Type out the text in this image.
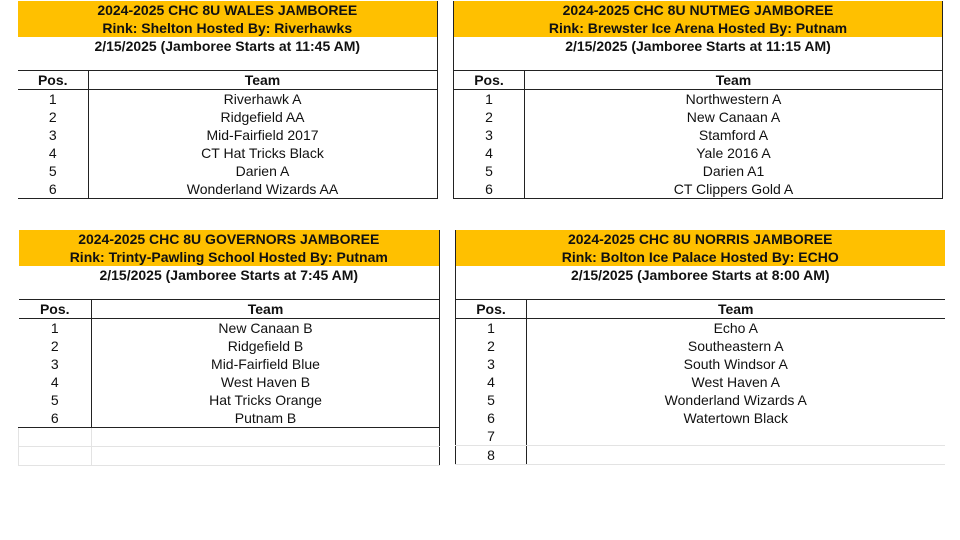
2024-2025 CHC 8U WALES JAMBOREE	
Rink: Shelton Hosted By: Riverhawks	
2/15/2025 (Jamboree Starts at 11:45 AM)	

Pos.	Team
1	Riverhawk A
2	Ridgefield AA
3	Mid-Fairfield 2017
4	CT Hat Tricks Black
5	Darien A
6	Wonderland Wizards AA
2024-2025 CHC 8U NUTMEG JAMBOREE	
Rink: Brewster Ice Arena Hosted By: Putnam	
2/15/2025 (Jamboree Starts at 11:15 AM)	

Pos.	Team
1	Northwestern A
2	New Canaan A
3	Stamford A
4	Yale 2016 A
5	Darien A1
6	CT Clippers Gold A
2024-2025 CHC 8U GOVERNORS JAMBOREE	
Rink: Trinty-Pawling School Hosted By: Putnam	
2/15/2025 (Jamboree Starts at 7:45 AM)	

Pos.	Team
1	New Canaan B
2	Ridgefield B
3	Mid-Fairfield Blue
4	West Haven B
5	Hat Tricks Orange
6	Putnam B

2024-2025 CHC 8U NORRIS JAMBOREE	
Rink: Bolton Ice Palace Hosted By: ECHO	
2/15/2025 (Jamboree Starts at 8:00 AM)	

Pos.	Team
1	Echo A
2	Southeastern A
3	South Windsor A
4	West Haven A
5	Wonderland Wizards A
6	Watertown Black
7	
8	
